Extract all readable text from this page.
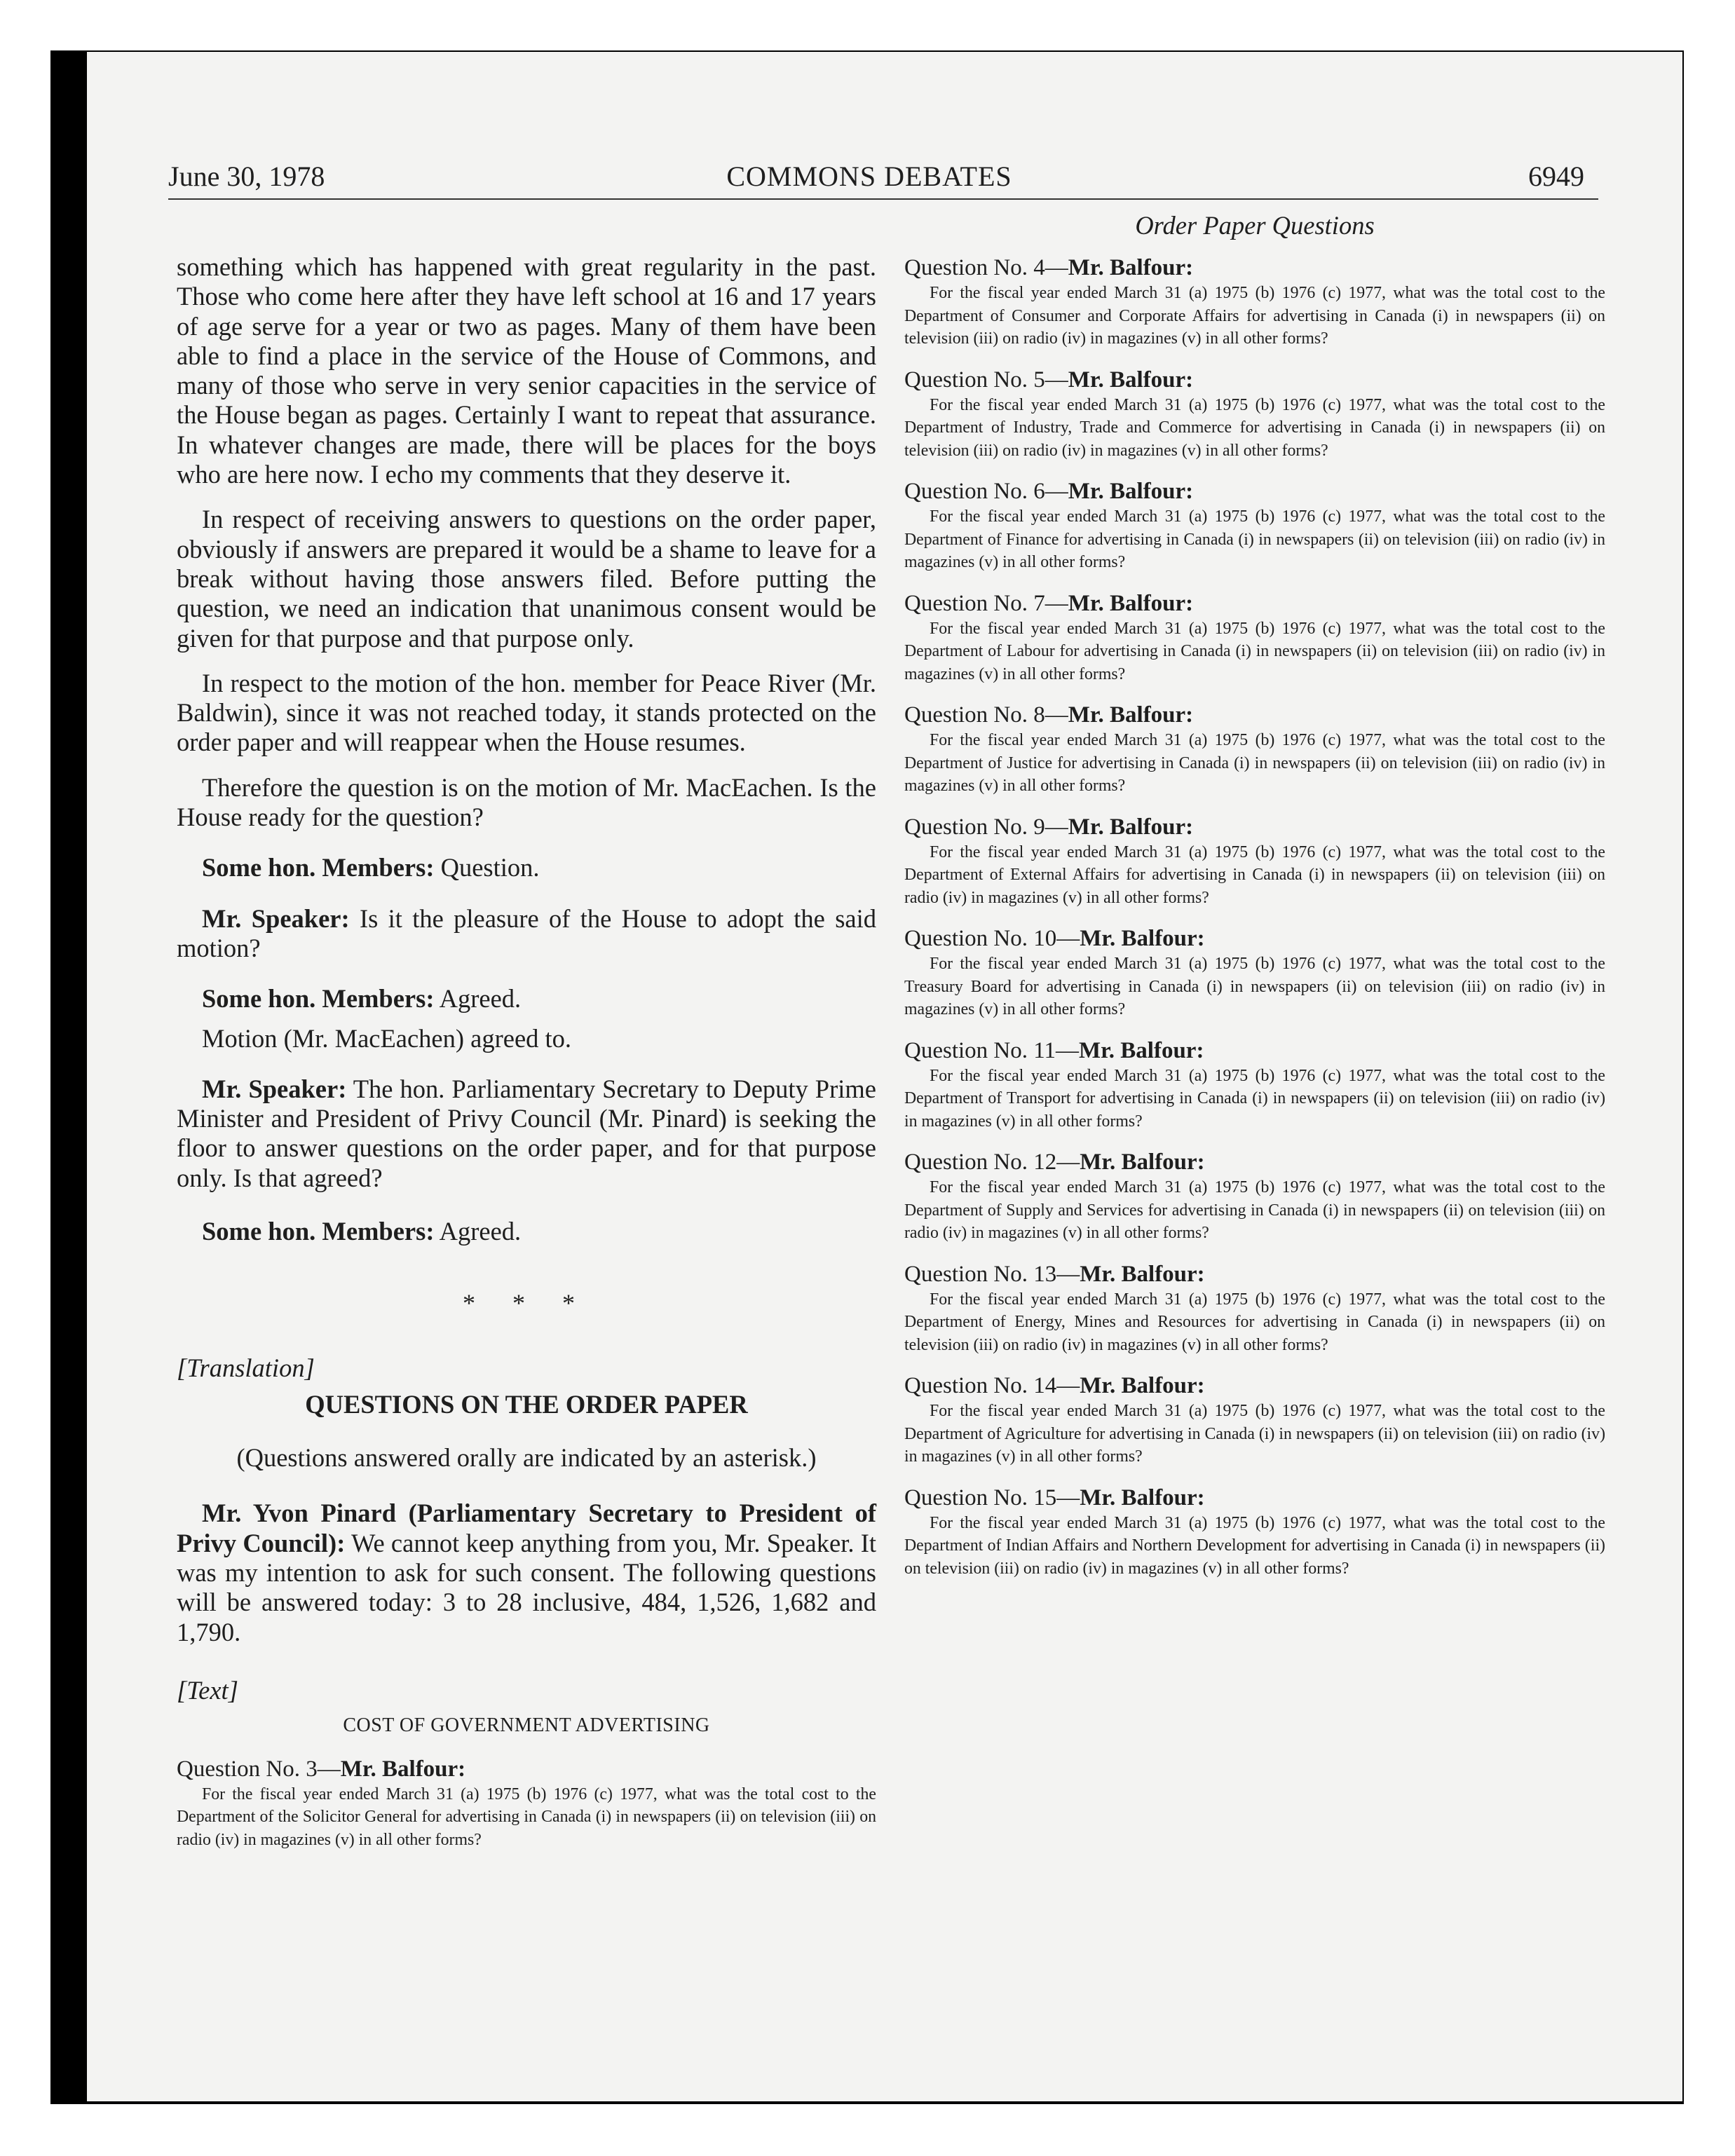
June 30, 1978	COMMONS DEBATES	6949

something which has happened with great regularity in the past. Those who come here after they have left school at 16 and 17 years of age serve for a year or two as pages. Many of them have been able to find a place in the service of the House of Commons, and many of those who serve in very senior capacities in the service of the House began as pages. Certainly I want to repeat that assurance. In whatever changes are made, there will be places for the boys who are here now. I echo my comments that they deserve it.

In respect of receiving answers to questions on the order paper, obviously if answers are prepared it would be a shame to leave for a break without having those answers filed. Before putting the question, we need an indication that unanimous consent would be given for that purpose and that purpose only.

In respect to the motion of the hon. member for Peace River (Mr. Baldwin), since it was not reached today, it stands protected on the order paper and will reappear when the House resumes.

Therefore the question is on the motion of Mr. MacEachen. Is the House ready for the question?

Some hon. Members: Question.

Mr. Speaker: Is it the pleasure of the House to adopt the said motion?

Some hon. Members: Agreed.

Motion (Mr. MacEachen) agreed to.

Mr. Speaker: The hon. Parliamentary Secretary to Deputy Prime Minister and President of Privy Council (Mr. Pinard) is seeking the floor to answer questions on the order paper, and for that purpose only. Is that agreed?

Some hon. Members: Agreed.

* * *

[Translation]

QUESTIONS ON THE ORDER PAPER

(Questions answered orally are indicated by an asterisk.)

Mr. Yvon Pinard (Parliamentary Secretary to President of Privy Council): We cannot keep anything from you, Mr. Speaker. It was my intention to ask for such consent. The following questions will be answered today: 3 to 28 inclusive, 484, 1,526, 1,682 and 1,790.

[Text]

COST OF GOVERNMENT ADVERTISING

Question No. 3—Mr. Balfour:

For the fiscal year ended March 31 (a) 1975 (b) 1976 (c) 1977, what was the total cost to the Department of the Solicitor General for advertising in Canada (i) in newspapers (ii) on television (iii) on radio (iv) in magazines (v) in all other forms?

Order Paper Questions

Question No. 4—Mr. Balfour:

For the fiscal year ended March 31 (a) 1975 (b) 1976 (c) 1977, what was the total cost to the Department of Consumer and Corporate Affairs for advertising in Canada (i) in newspapers (ii) on television (iii) on radio (iv) in magazines (v) in all other forms?

Question No. 5—Mr. Balfour:

For the fiscal year ended March 31 (a) 1975 (b) 1976 (c) 1977, what was the total cost to the Department of Industry, Trade and Commerce for advertising in Canada (i) in newspapers (ii) on television (iii) on radio (iv) in magazines (v) in all other forms?

Question No. 6—Mr. Balfour:

For the fiscal year ended March 31 (a) 1975 (b) 1976 (c) 1977, what was the total cost to the Department of Finance for advertising in Canada (i) in newspapers (ii) on television (iii) on radio (iv) in magazines (v) in all other forms?

Question No. 7—Mr. Balfour:

For the fiscal year ended March 31 (a) 1975 (b) 1976 (c) 1977, what was the total cost to the Department of Labour for advertising in Canada (i) in newspapers (ii) on television (iii) on radio (iv) in magazines (v) in all other forms?

Question No. 8—Mr. Balfour:

For the fiscal year ended March 31 (a) 1975 (b) 1976 (c) 1977, what was the total cost to the Department of Justice for advertising in Canada (i) in newspapers (ii) on television (iii) on radio (iv) in magazines (v) in all other forms?

Question No. 9—Mr. Balfour:

For the fiscal year ended March 31 (a) 1975 (b) 1976 (c) 1977, what was the total cost to the Department of External Affairs for advertising in Canada (i) in newspapers (ii) on television (iii) on radio (iv) in magazines (v) in all other forms?

Question No. 10—Mr. Balfour:

For the fiscal year ended March 31 (a) 1975 (b) 1976 (c) 1977, what was the total cost to the Treasury Board for advertising in Canada (i) in newspapers (ii) on television (iii) on radio (iv) in magazines (v) in all other forms?

Question No. 11—Mr. Balfour:

For the fiscal year ended March 31 (a) 1975 (b) 1976 (c) 1977, what was the total cost to the Department of Transport for advertising in Canada (i) in newspapers (ii) on television (iii) on radio (iv) in magazines (v) in all other forms?

Question No. 12—Mr. Balfour:

For the fiscal year ended March 31 (a) 1975 (b) 1976 (c) 1977, what was the total cost to the Department of Supply and Services for advertising in Canada (i) in newspapers (ii) on television (iii) on radio (iv) in magazines (v) in all other forms?

Question No. 13—Mr. Balfour:

For the fiscal year ended March 31 (a) 1975 (b) 1976 (c) 1977, what was the total cost to the Department of Energy, Mines and Resources for advertising in Canada (i) in newspapers (ii) on television (iii) on radio (iv) in magazines (v) in all other forms?

Question No. 14—Mr. Balfour:

For the fiscal year ended March 31 (a) 1975 (b) 1976 (c) 1977, what was the total cost to the Department of Agriculture for advertising in Canada (i) in newspapers (ii) on television (iii) on radio (iv) in magazines (v) in all other forms?

Question No. 15—Mr. Balfour:

For the fiscal year ended March 31 (a) 1975 (b) 1976 (c) 1977, what was the total cost to the Department of Indian Affairs and Northern Development for advertising in Canada (i) in newspapers (ii) on television (iii) on radio (iv) in magazines (v) in all other forms?
